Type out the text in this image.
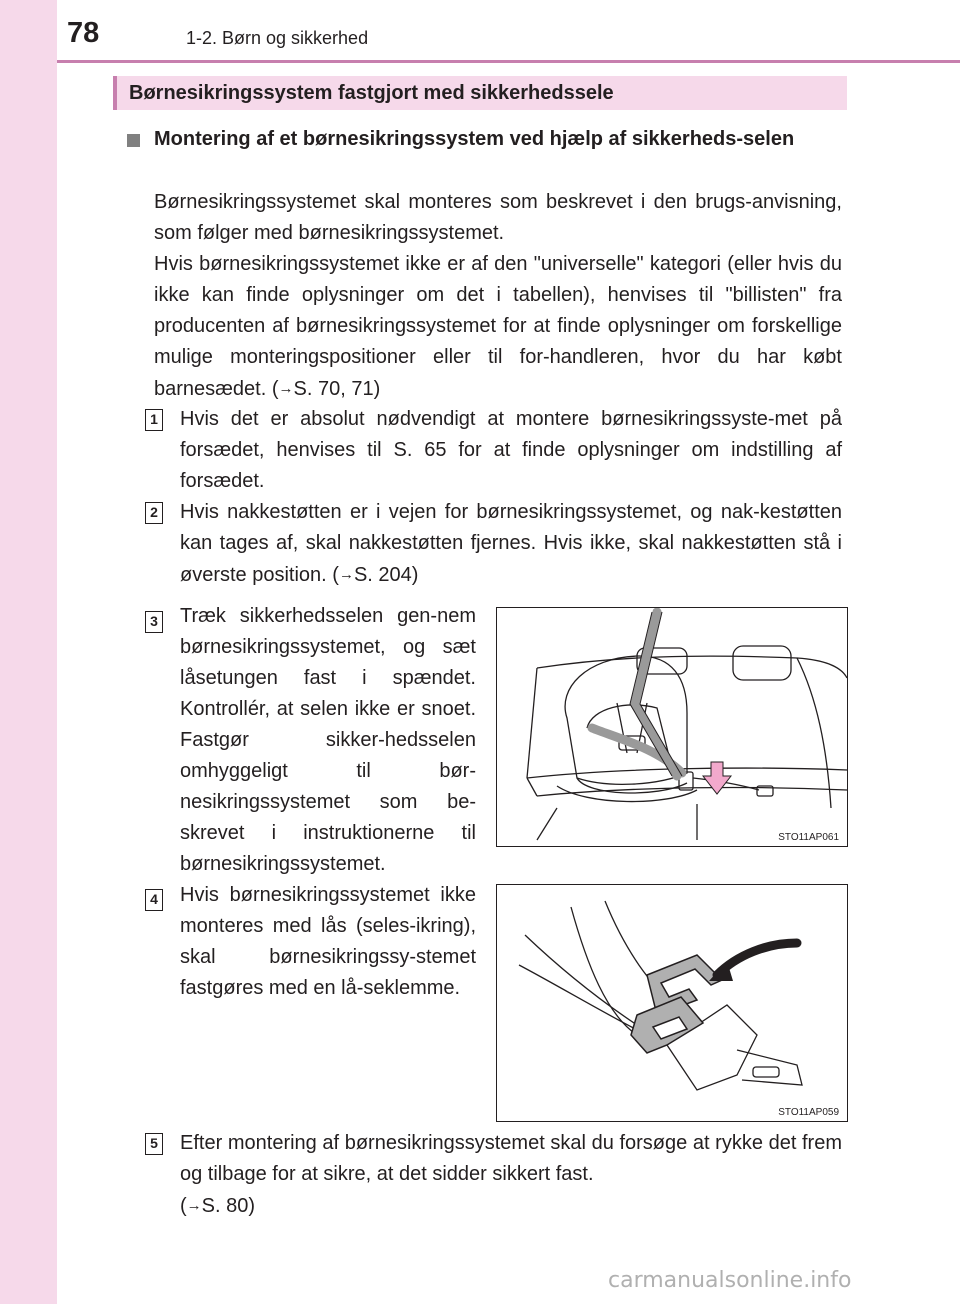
78	1-2. Børn og sikkerhed
Børnesikringssystem fastgjort med sikkerhedssele
Montering af et børnesikringssystem ved hjælp af sikkerheds-selen
Børnesikringssystemet skal monteres som beskrevet i den brugs-anvisning, som følger med børnesikringssystemet.
Hvis børnesikringssystemet ikke er af den "universelle" kategori (eller hvis du ikke kan finde oplysninger om det i tabellen), henvises til "billisten" fra producenten af børnesikringssystemet for at finde oplysninger om forskellige mulige monteringspositioner eller til for-handleren, hvor du har købt barnesædet. (→S. 70, 71)
1 Hvis det er absolut nødvendigt at montere børnesikringssyste-met på forsædet, henvises til S. 65 for at finde oplysninger om indstilling af forsædet.
2 Hvis nakkestøtten er i vejen for børnesikringssystemet, og nak-kestøtten kan tages af, skal nakkestøtten fjernes. Hvis ikke, skal nakkestøtten stå i øverste position. (→S. 204)
3 Træk sikkerhedsselen gen-nem børnesikringssystemet, og sæt låsetungen fast i spændet. Kontrollér, at selen ikke er snoet. Fastgør sikker-hedsselen omhyggeligt til bør-nesikringssystemet som be-skrevet i instruktionerne til børnesikringssystemet.
STO11AP061
4 Hvis børnesikringssystemet ikke monteres med lås (seles-ikring), skal børnesikringssy-stemet fastgøres med en lå-seklemme.
STO11AP059
5 Efter montering af børnesikringssystemet skal du forsøge at rykke det frem og tilbage for at sikre, at det sidder sikkert fast.
(→S. 80)
carmanualsonline.info
